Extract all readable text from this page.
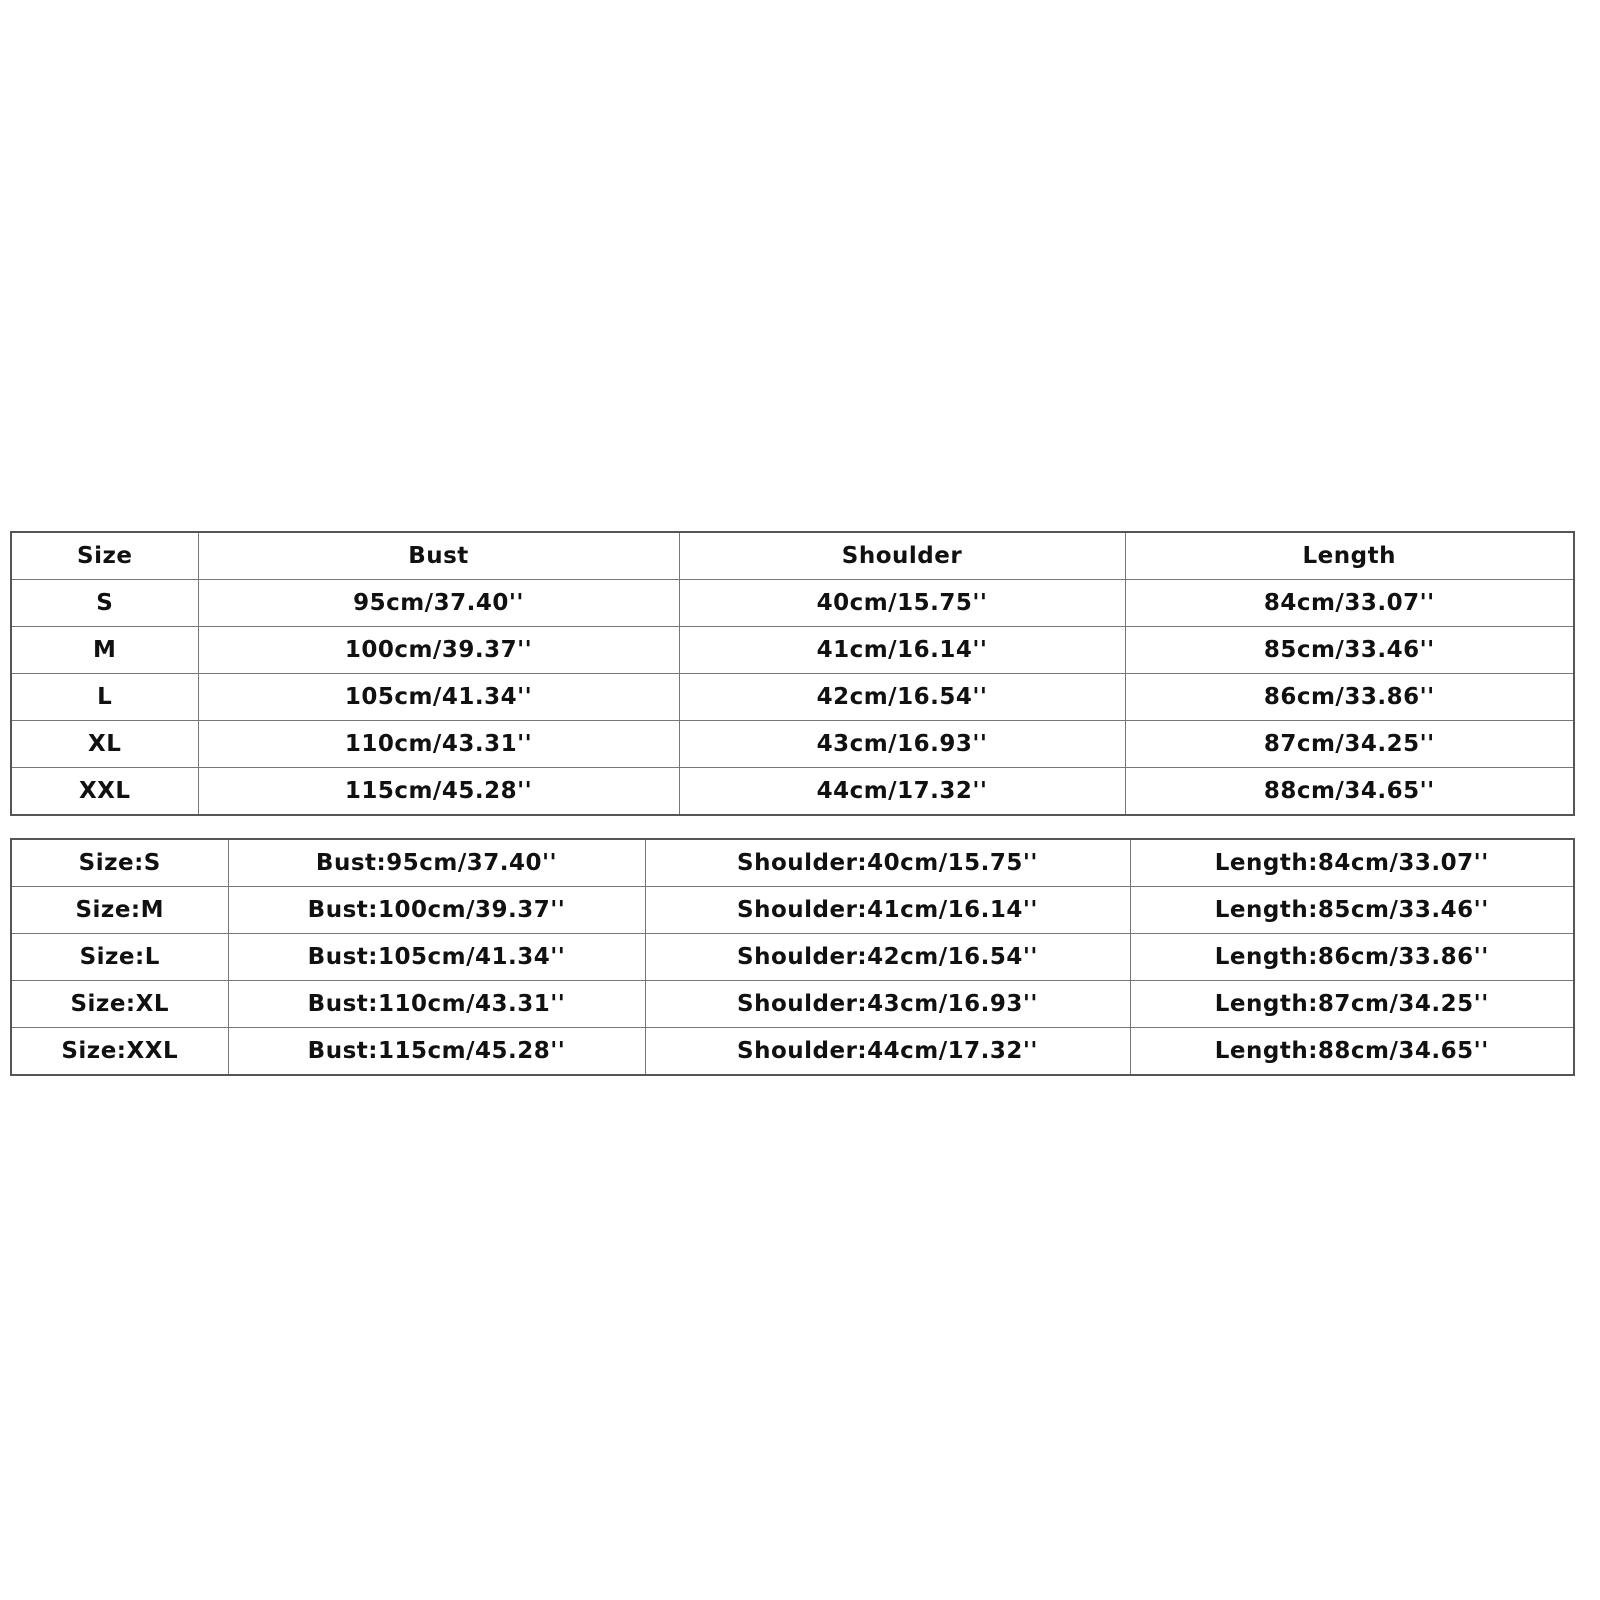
Size	Bust	Shoulder	Length
S	95cm/37.40''	40cm/15.75''	84cm/33.07''
M	100cm/39.37''	41cm/16.14''	85cm/33.46''
L	105cm/41.34''	42cm/16.54''	86cm/33.86''
XL	110cm/43.31''	43cm/16.93''	87cm/34.25''
XXL	115cm/45.28''	44cm/17.32''	88cm/34.65''
Size:S	Bust:95cm/37.40''	Shoulder:40cm/15.75''	Length:84cm/33.07''
Size:M	Bust:100cm/39.37''	Shoulder:41cm/16.14''	Length:85cm/33.46''
Size:L	Bust:105cm/41.34''	Shoulder:42cm/16.54''	Length:86cm/33.86''
Size:XL	Bust:110cm/43.31''	Shoulder:43cm/16.93''	Length:87cm/34.25''
Size:XXL	Bust:115cm/45.28''	Shoulder:44cm/17.32''	Length:88cm/34.65''
